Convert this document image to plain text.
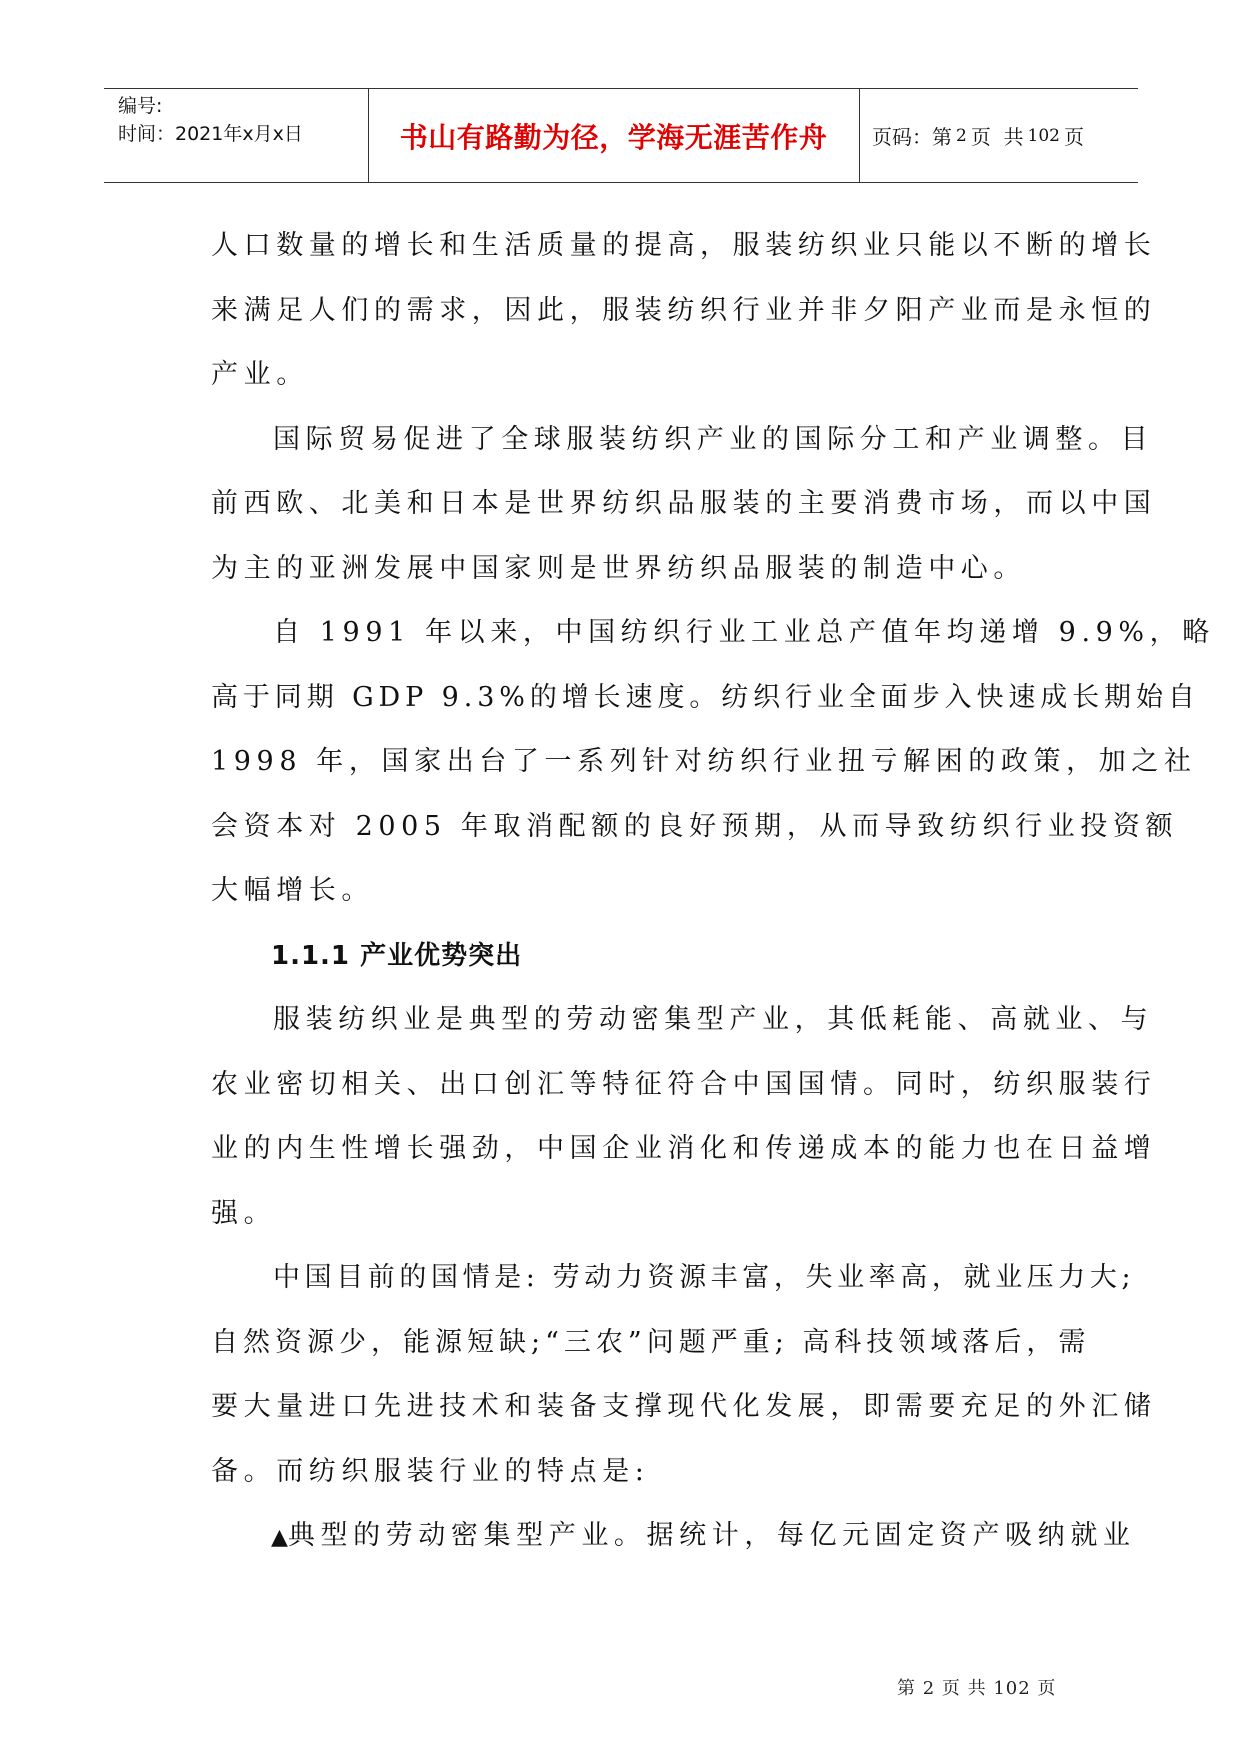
编号:
时间：2021年x月x日	书山有路勤为径，学海无涯苦作舟	页码：第 2 页  共 102 页
人口数量的增长和生活质量的提高，服装纺织业只能以不断的增长
来满足人们的需求，因此，服装纺织行业并非夕阳产业而是永恒的
产业。
国际贸易促进了全球服装纺织产业的国际分工和产业调整。目
前西欧、北美和日本是世界纺织品服装的主要消费市场，而以中国
为主的亚洲发展中国家则是世界纺织品服装的制造中心。
自 1991 年以来，中国纺织行业工业总产值年均递增 9.9%，略
高于同期 GDP 9.3%的增长速度。纺织行业全面步入快速成长期始自
1998 年，国家出台了一系列针对纺织行业扭亏解困的政策，加之社
会资本对 2005 年取消配额的良好预期，从而导致纺织行业投资额
大幅增长。
1.1.1 产业优势突出
服装纺织业是典型的劳动密集型产业，其低耗能、高就业、与
农业密切相关、出口创汇等特征符合中国国情。同时，纺织服装行
业的内生性增长强劲，中国企业消化和传递成本的能力也在日益增
强。
中国目前的国情是: 劳动力资源丰富，失业率高，就业压力大;
自然资源少，能源短缺;“三农”问题严重; 高科技领域落后，需
要大量进口先进技术和装备支撑现代化发展，即需要充足的外汇储
备。而纺织服装行业的特点是:
▲典型的劳动密集型产业。据统计，每亿元固定资产吸纳就业
第 2 页 共 102 页
